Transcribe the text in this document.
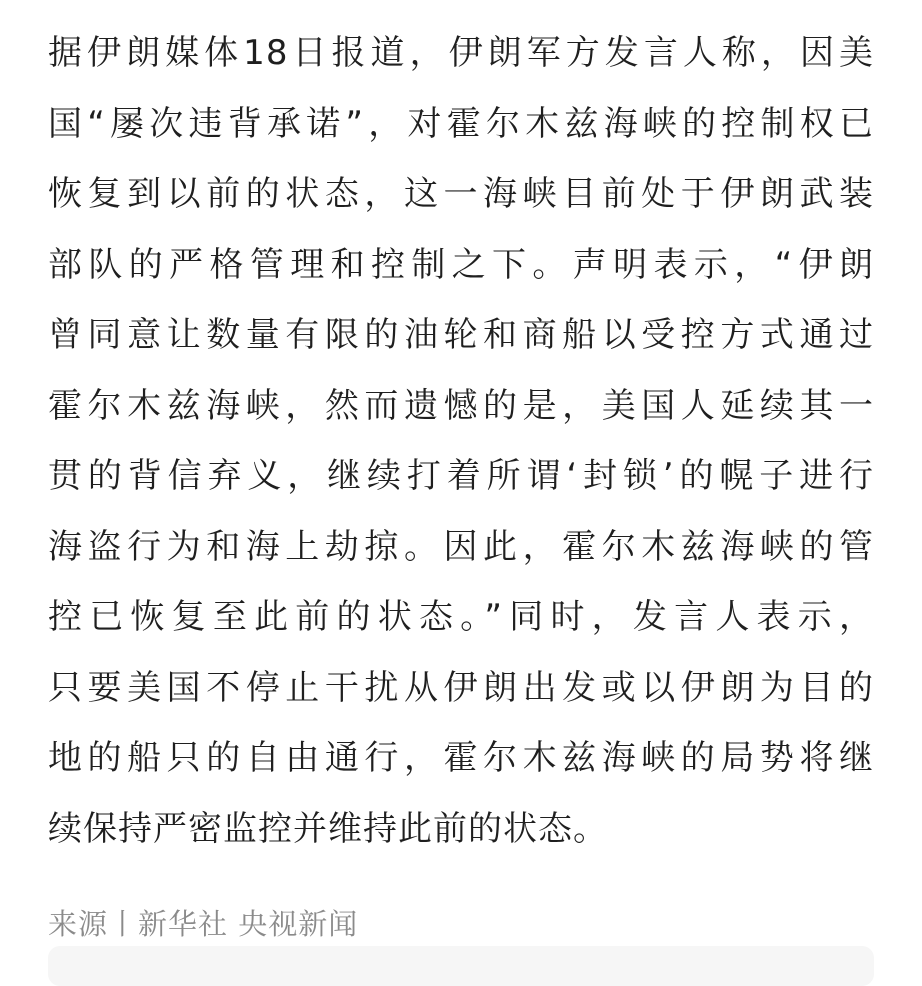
据伊朗媒体18日报道，伊朗军方发言人称，因美
国“屡次违背承诺”，对霍尔木兹海峡的控制权已
恢复到以前的状态，这一海峡目前处于伊朗武装
部队的严格管理和控制之下。声明表示，“伊朗
曾同意让数量有限的油轮和商船以受控方式通过
霍尔木兹海峡，然而遗憾的是，美国人延续其一
贯的背信弃义，继续打着所谓‘封锁’的幌子进行
海盗行为和海上劫掠。因此，霍尔木兹海峡的管
控已恢复至此前的状态。”同时，发言人表示，
只要美国不停止干扰从伊朗出发或以伊朗为目的
地的船只的自由通行，霍尔木兹海峡的局势将继
续保持严密监控并维持此前的状态。
来源丨新华社 央视新闻
